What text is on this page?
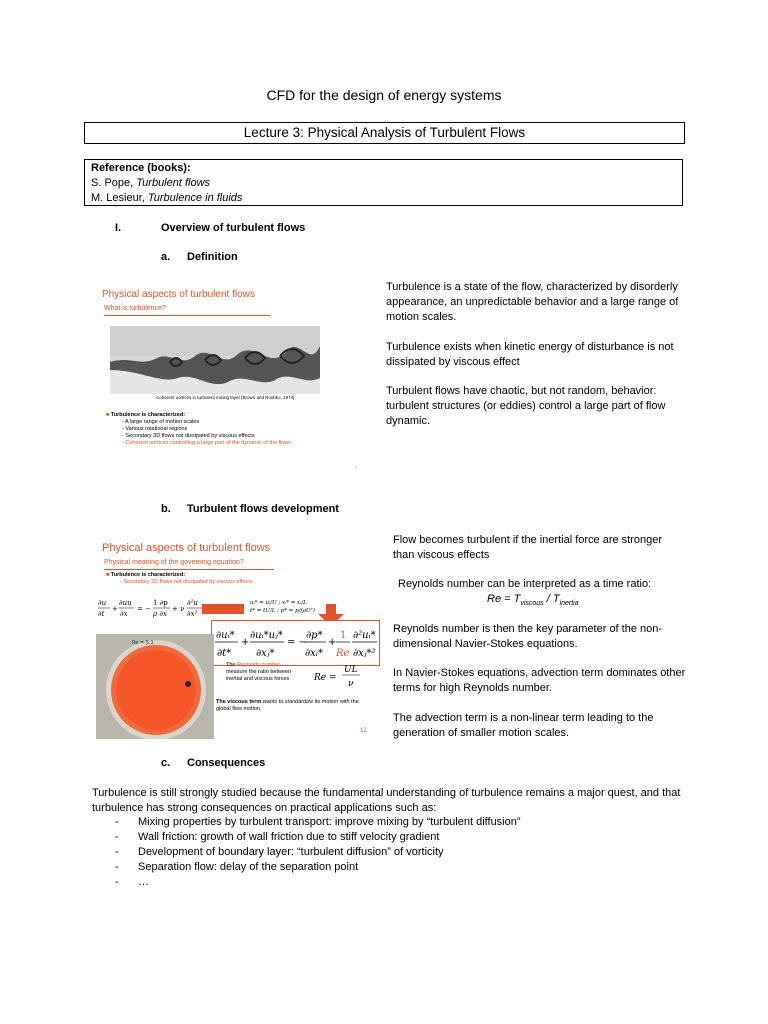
CFD for the design of energy systems
Lecture 3: Physical Analysis of Turbulent Flows
Reference (books):
S. Pope, Turbulent flows
M. Lesieur, Turbulence in fluids
I.	Overview of turbulent flows
a. Definition
Physical aspects of turbulent flows
What is turbulence?
Coherent vortices in turbulent mixing layer [Brown and Roshko, 1974]
■ Turbulence is characterized:
- A large range of motion scales
- Various rotational regions
- Secondary 3D flows not dissipated by viscous effects
- Coherent vortices controlling a large part of the dynamic of the flows
7
Turbulence is a state of the flow, characterized by disorderly appearance, an unpredictable behavior and a large range of motion scales.
Turbulence exists when kinetic energy of disturbance is not dissipated by viscous effect
Turbulent flows have chaotic, but not random, behavior: turbulent structures (or eddies) control a large part of flow dynamic.
b. Turbulent flows development
Physical aspects of turbulent flows
Physical meaning of the governing equation?
■ Turbulence is characterized:
- Secondary 3D flows not dissipated by viscous effects
∂u
∂t
+
∂uu
∂x
= −
1 ∂p
ρ ∂x
+ ν
∂²u
∂x²
uᵢ* = uᵢ/U ; xᵢ* = xᵢ/L
t* = tU/L ; p* = p/(ρU²)
∂uᵢ*
∂t*
+
∂uᵢ*uⱼ*
∂xⱼ*
= −
∂p*
∂xᵢ*
+
1
Re
∂²uᵢ*
∂xⱼ*²
Re = 5.1
The Reynolds number
measure the ratio between inertial and viscous forces	Re =
UL
ν
The viscous term wants to standardize its motion with the global flow motion.
12
Flow becomes turbulent if the inertial force are stronger than viscous effects
Reynolds number can be interpreted as a time ratio:
$Re = T_{viscous} / T_{inertia}$
Reynolds number is then the key parameter of the non-dimensional Navier-Stokes equations.
In Navier-Stokes equations, advection term dominates other terms for high Reynolds number.
The advection term is a non-linear term leading to the generation of smaller motion scales.
c. Consequences
Turbulence is still strongly studied because the fundamental understanding of turbulence remains a major quest, and that turbulence has strong consequences on practical applications such as:
- Mixing properties by turbulent transport: improve mixing by “turbulent diffusion”
- Wall friction: growth of wall friction due to stiff velocity gradient
- Development of boundary layer: “turbulent diffusion” of vorticity
- Separation flow: delay of the separation point
- …
